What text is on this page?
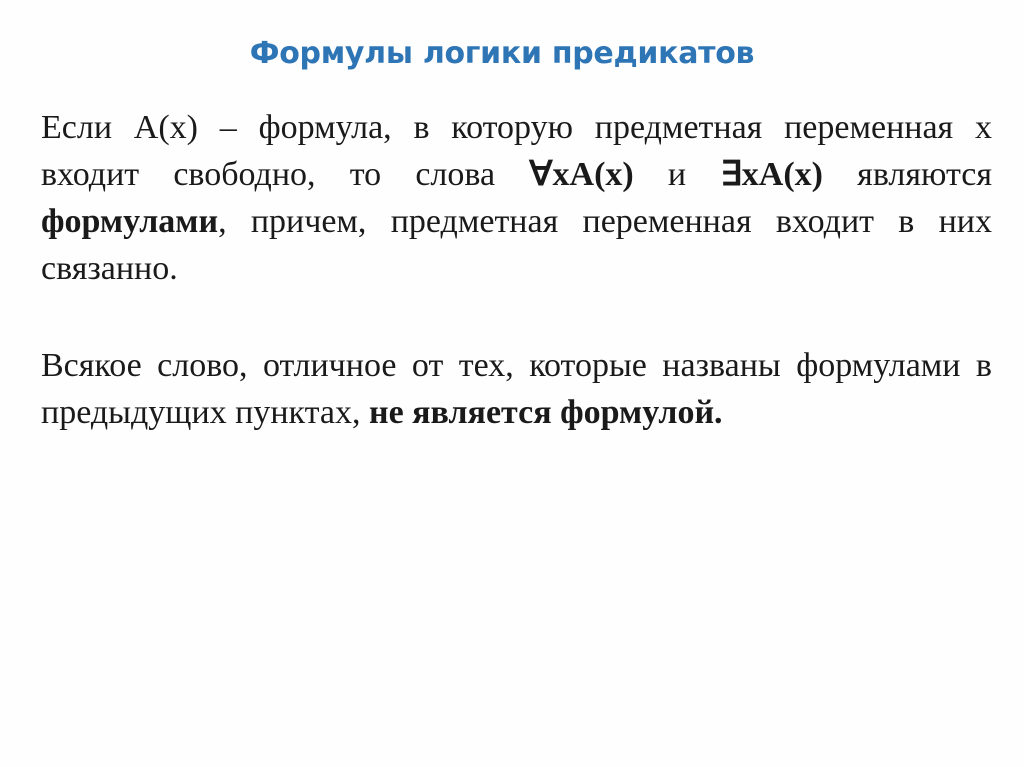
Формулы логики предикатов

Если A(x) – формула, в которую предметная переменная x входит свободно, то слова ∀xA(x) и ∃xA(x) являются формулами, причем, предметная переменная входит в них связанно.

Всякое слово, отличное от тех, которые названы формулами в предыдущих пунктах, не является формулой.
